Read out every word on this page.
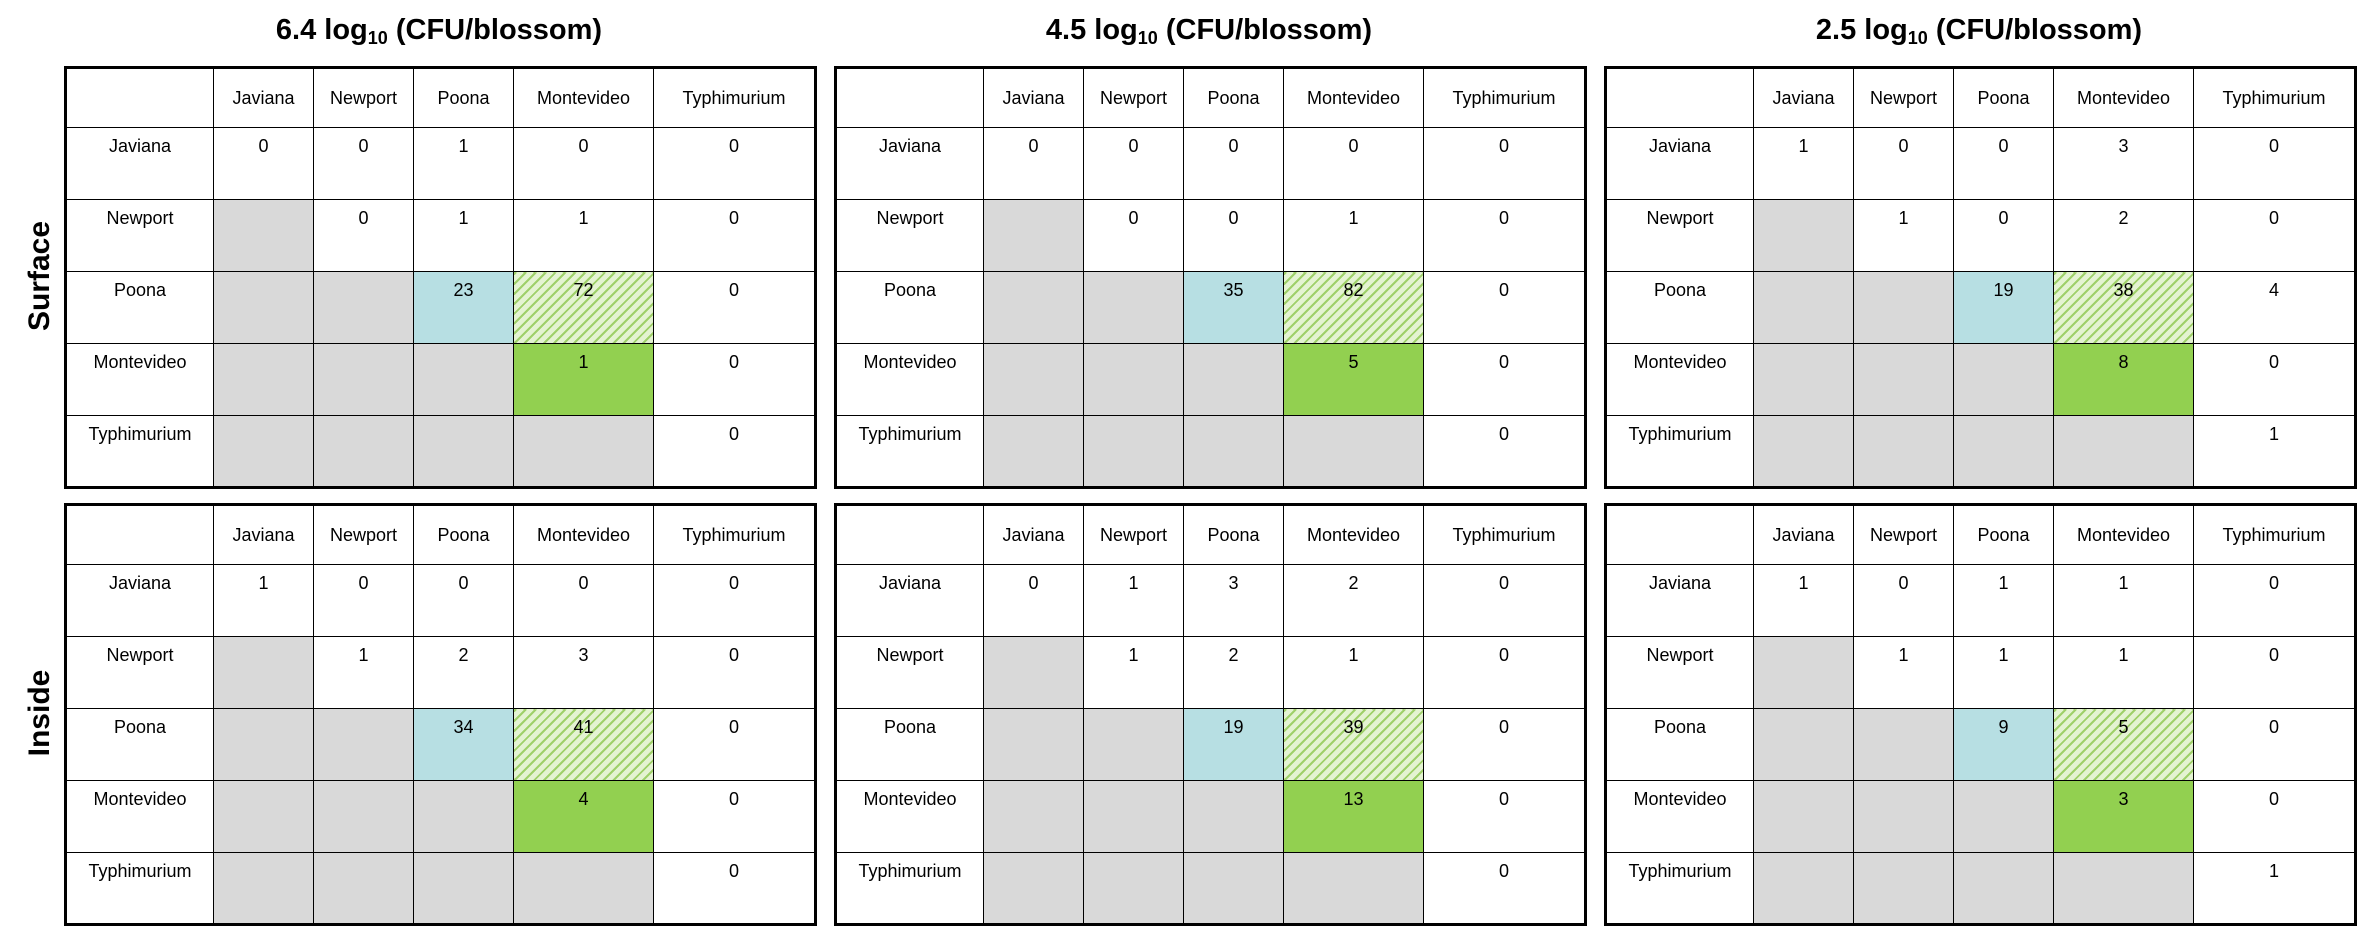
6.4 $\log_{10}$ (CFU/blossom)	4.5 $\log_{10}$ (CFU/blossom)	2.5 $\log_{10}$ (CFU/blossom)
Surface
Inside
	Javiana	Newport	Poona	Montevideo	Typhimurium
Javiana	0	0	1	0	0
Newport		0	1	1	0
Poona			23	72	0
Montevideo				1	0
Typhimurium					0
	Javiana	Newport	Poona	Montevideo	Typhimurium
Javiana	0	0	0	0	0
Newport		0	0	1	0
Poona			35	82	0
Montevideo				5	0
Typhimurium					0
	Javiana	Newport	Poona	Montevideo	Typhimurium
Javiana	1	0	0	3	0
Newport		1	0	2	0
Poona			19	38	4
Montevideo				8	0
Typhimurium					1
	Javiana	Newport	Poona	Montevideo	Typhimurium
Javiana	1	0	0	0	0
Newport		1	2	3	0
Poona			34	41	0
Montevideo				4	0
Typhimurium					0
	Javiana	Newport	Poona	Montevideo	Typhimurium
Javiana	0	1	3	2	0
Newport		1	2	1	0
Poona			19	39	0
Montevideo				13	0
Typhimurium					0
	Javiana	Newport	Poona	Montevideo	Typhimurium
Javiana	1	0	1	1	0
Newport		1	1	1	0
Poona			9	5	0
Montevideo				3	0
Typhimurium					1
